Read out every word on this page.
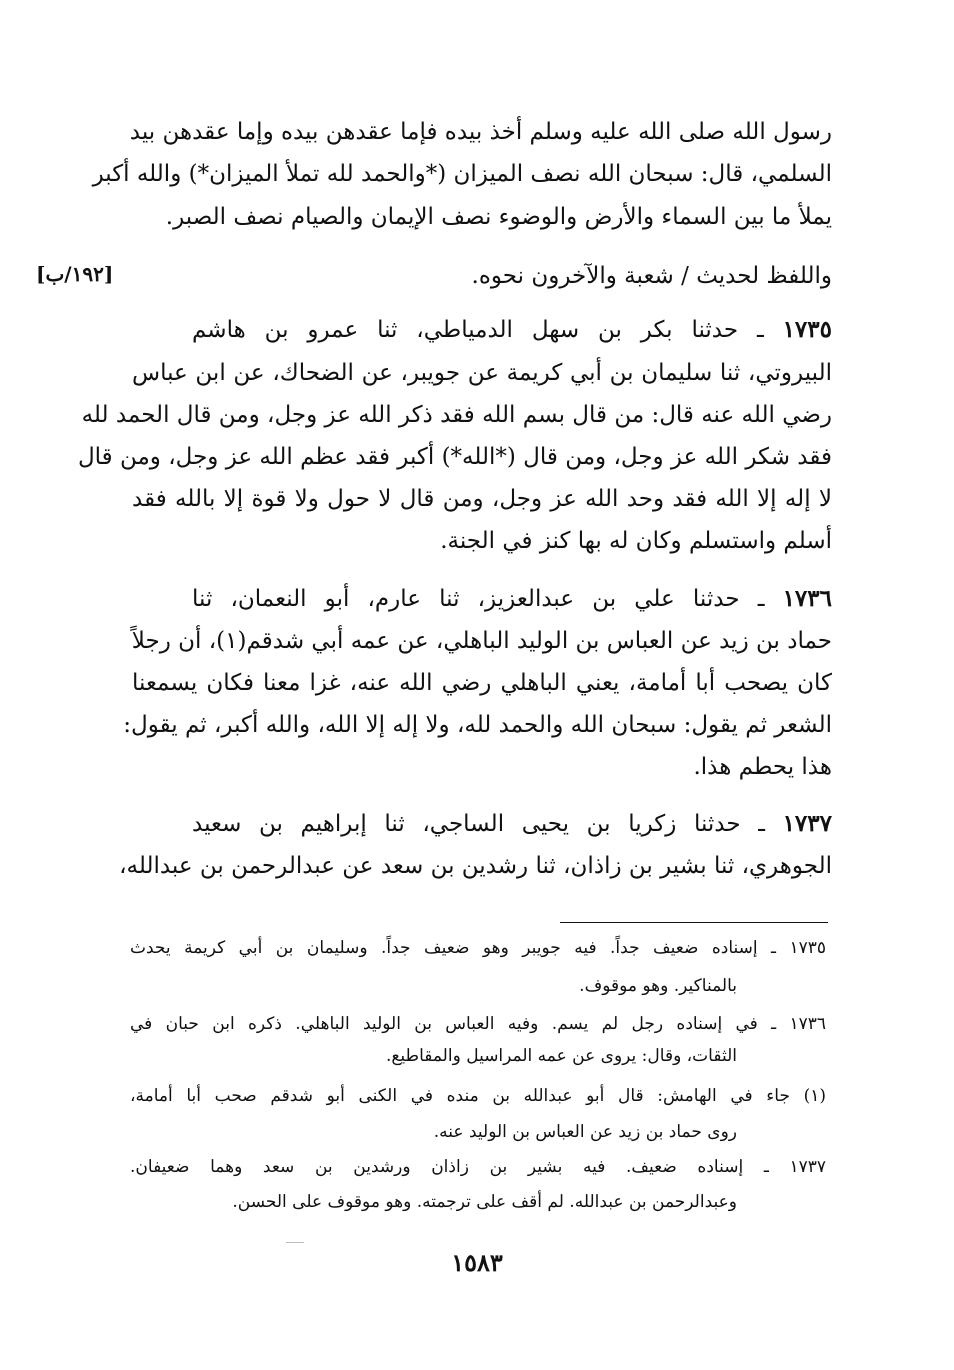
رسول الله صلى الله عليه وسلم أخذ بيده فإما عقدهن بيده وإما عقدهن بيد
السلمي، قال: سبحان الله نصف الميزان (*والحمد لله تملأ الميزان*) والله أكبر
يملأ ما بين السماء والأرض والوضوء نصف الإيمان والصيام نصف الصبر.
واللفظ لحديث / شعبة والآخرون نحوه.
[١٩٢/ب]
١٧٣٥ ـ حدثنا بكر بن سهل الدمياطي، ثنا عمرو بن هاشم
البيروتي، ثنا سليمان بن أبي كريمة عن جويبر، عن الضحاك، عن ابن عباس
رضي الله عنه قال: من قال بسم الله فقد ذكر الله عز وجل، ومن قال الحمد لله
فقد شكر الله عز وجل، ومن قال (*الله*) أكبر فقد عظم الله عز وجل، ومن قال
لا إله إلا الله فقد وحد الله عز وجل، ومن قال لا حول ولا قوة إلا بالله فقد
أسلم واستسلم وكان له بها كنز في الجنة.
١٧٣٦ ـ حدثنا علي بن عبدالعزيز، ثنا عارم، أبو النعمان، ثنا
حماد بن زيد عن العباس بن الوليد الباهلي، عن عمه أبي شدقم(١)، أن رجلاً
كان يصحب أبا أمامة، يعني الباهلي رضي الله عنه، غزا معنا فكان يسمعنا
الشعر ثم يقول: سبحان الله والحمد لله، ولا إله إلا الله، والله أكبر، ثم يقول:
هذا يحطم هذا.
١٧٣٧ ـ حدثنا زكريا بن يحيى الساجي، ثنا إبراهيم بن سعيد
الجوهري، ثنا بشير بن زاذان، ثنا رشدين بن سعد عن عبدالرحمن بن عبدالله،
١٧٣٥ ـ إسناده ضعيف جداً. فيه جويبر وهو ضعيف جداً. وسليمان بن أبي كريمة يحدث
بالمناكير. وهو موقوف.
١٧٣٦ ـ في إسناده رجل لم يسم. وفيه العباس بن الوليد الباهلي. ذكره ابن حبان في
الثقات، وقال: يروى عن عمه المراسيل والمقاطيع.
(١) جاء في الهامش: قال أبو عبدالله بن منده في الكنى أبو شدقم صحب أبا أمامة،
روى حماد بن زيد عن العباس بن الوليد عنه.
١٧٣٧ ـ إسناده ضعيف. فيه بشير بن زاذان ورشدين بن سعد وهما ضعيفان.
وعبدالرحمن بن عبدالله. لم أقف على ترجمته. وهو موقوف على الحسن.
١٥٨٣
